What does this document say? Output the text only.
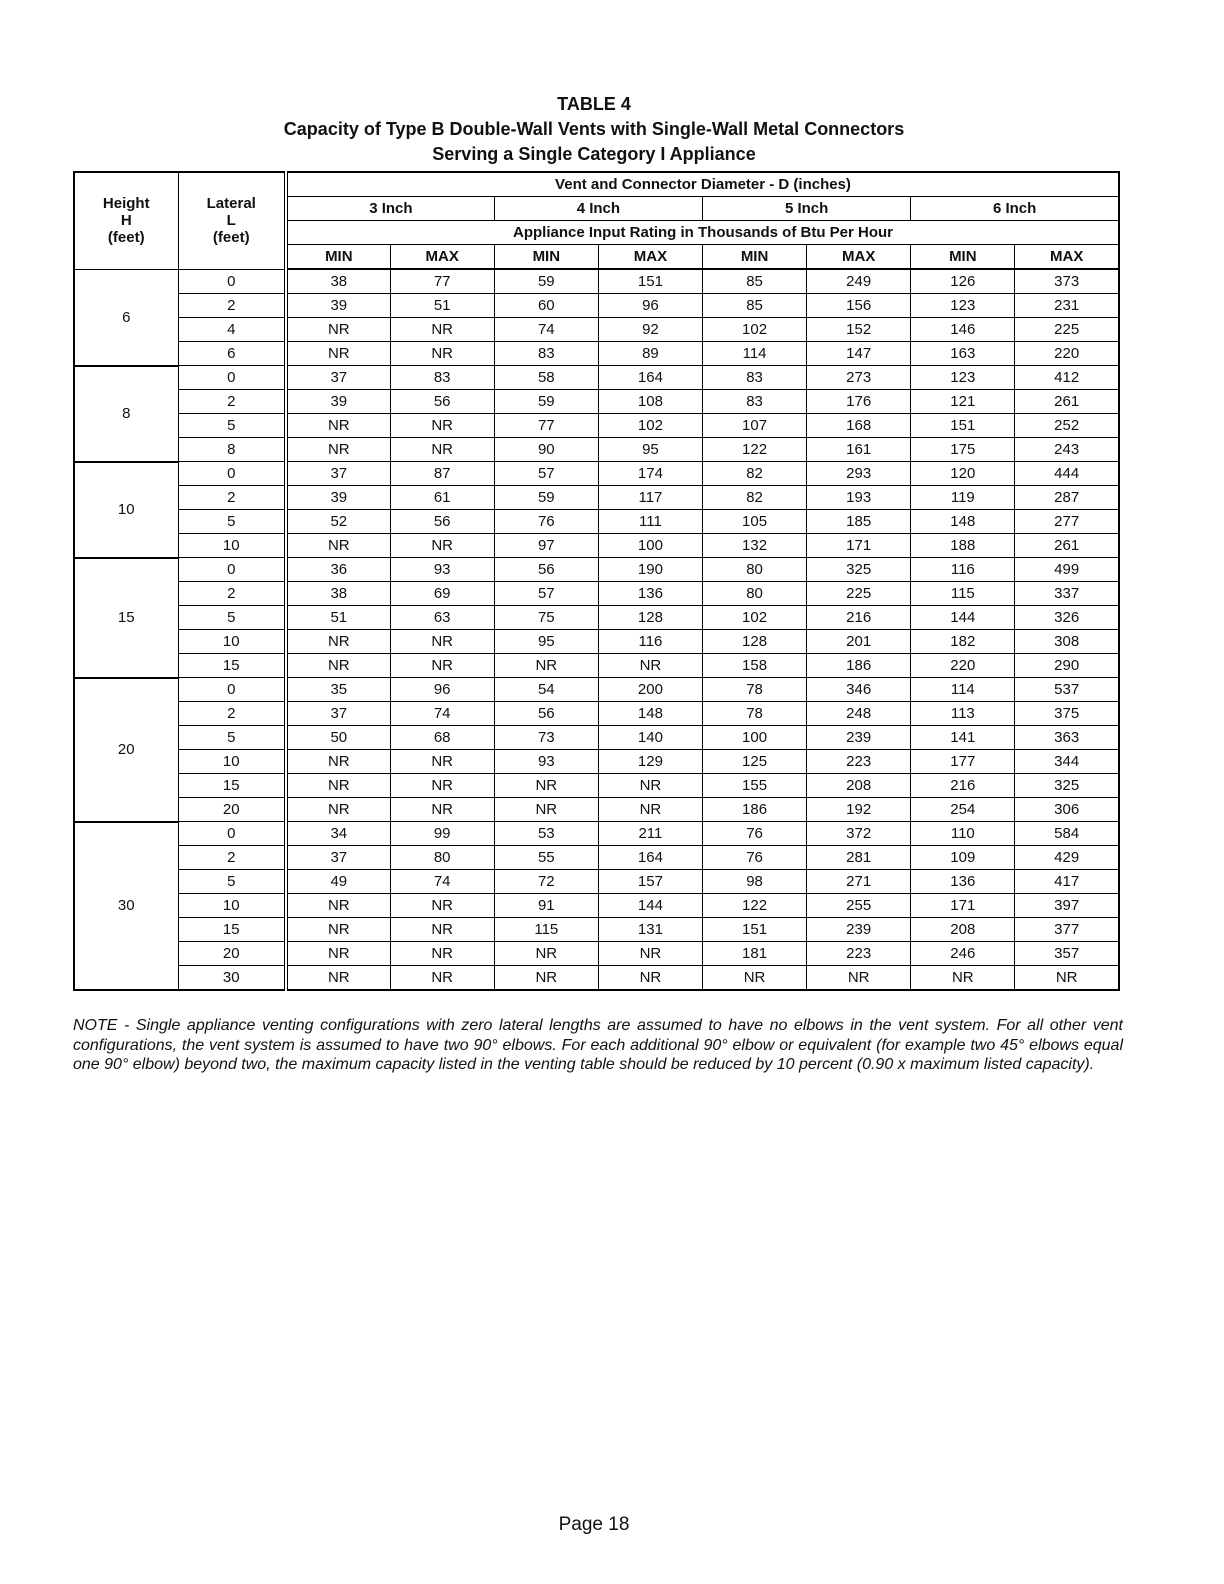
TABLE 4
Capacity of Type B Double-Wall Vents with Single-Wall Metal Connectors
Serving a Single Category I Appliance
Height
H
(feet)	Lateral
L
(feet)	Vent and Connector Diameter - D (inches)							
		3 Inch		4 Inch		5 Inch		6 Inch	
		Appliance Input Rating in Thousands of Btu Per Hour							
		MIN	MAX	MIN	MAX	MIN	MAX	MIN	MAX
6	0	38	77	59	151	85	249	126	373
	2	39	51	60	96	85	156	123	231
	4	NR	NR	74	92	102	152	146	225
	6	NR	NR	83	89	114	147	163	220
8	0	37	83	58	164	83	273	123	412
	2	39	56	59	108	83	176	121	261
	5	NR	NR	77	102	107	168	151	252
	8	NR	NR	90	95	122	161	175	243
10	0	37	87	57	174	82	293	120	444
	2	39	61	59	117	82	193	119	287
	5	52	56	76	111	105	185	148	277
	10	NR	NR	97	100	132	171	188	261
15	0	36	93	56	190	80	325	116	499
	2	38	69	57	136	80	225	115	337
	5	51	63	75	128	102	216	144	326
	10	NR	NR	95	116	128	201	182	308
	15	NR	NR	NR	NR	158	186	220	290
20	0	35	96	54	200	78	346	114	537
	2	37	74	56	148	78	248	113	375
	5	50	68	73	140	100	239	141	363
	10	NR	NR	93	129	125	223	177	344
	15	NR	NR	NR	NR	155	208	216	325
	20	NR	NR	NR	NR	186	192	254	306
30	0	34	99	53	211	76	372	110	584
	2	37	80	55	164	76	281	109	429
	5	49	74	72	157	98	271	136	417
	10	NR	NR	91	144	122	255	171	397
	15	NR	NR	115	131	151	239	208	377
	20	NR	NR	NR	NR	181	223	246	357
	30	NR	NR	NR	NR	NR	NR	NR	NR
NOTE - Single appliance venting configurations with zero lateral lengths are assumed to have no elbows in the vent system. For all other vent configurations, the vent system is assumed to have two 90° elbows. For each additional 90° elbow or equivalent (for example two 45° elbows equal one 90° elbow) beyond two, the maximum capacity listed in the venting table should be reduced by 10 percent (0.90 x maximum listed capacity).
Page 18
